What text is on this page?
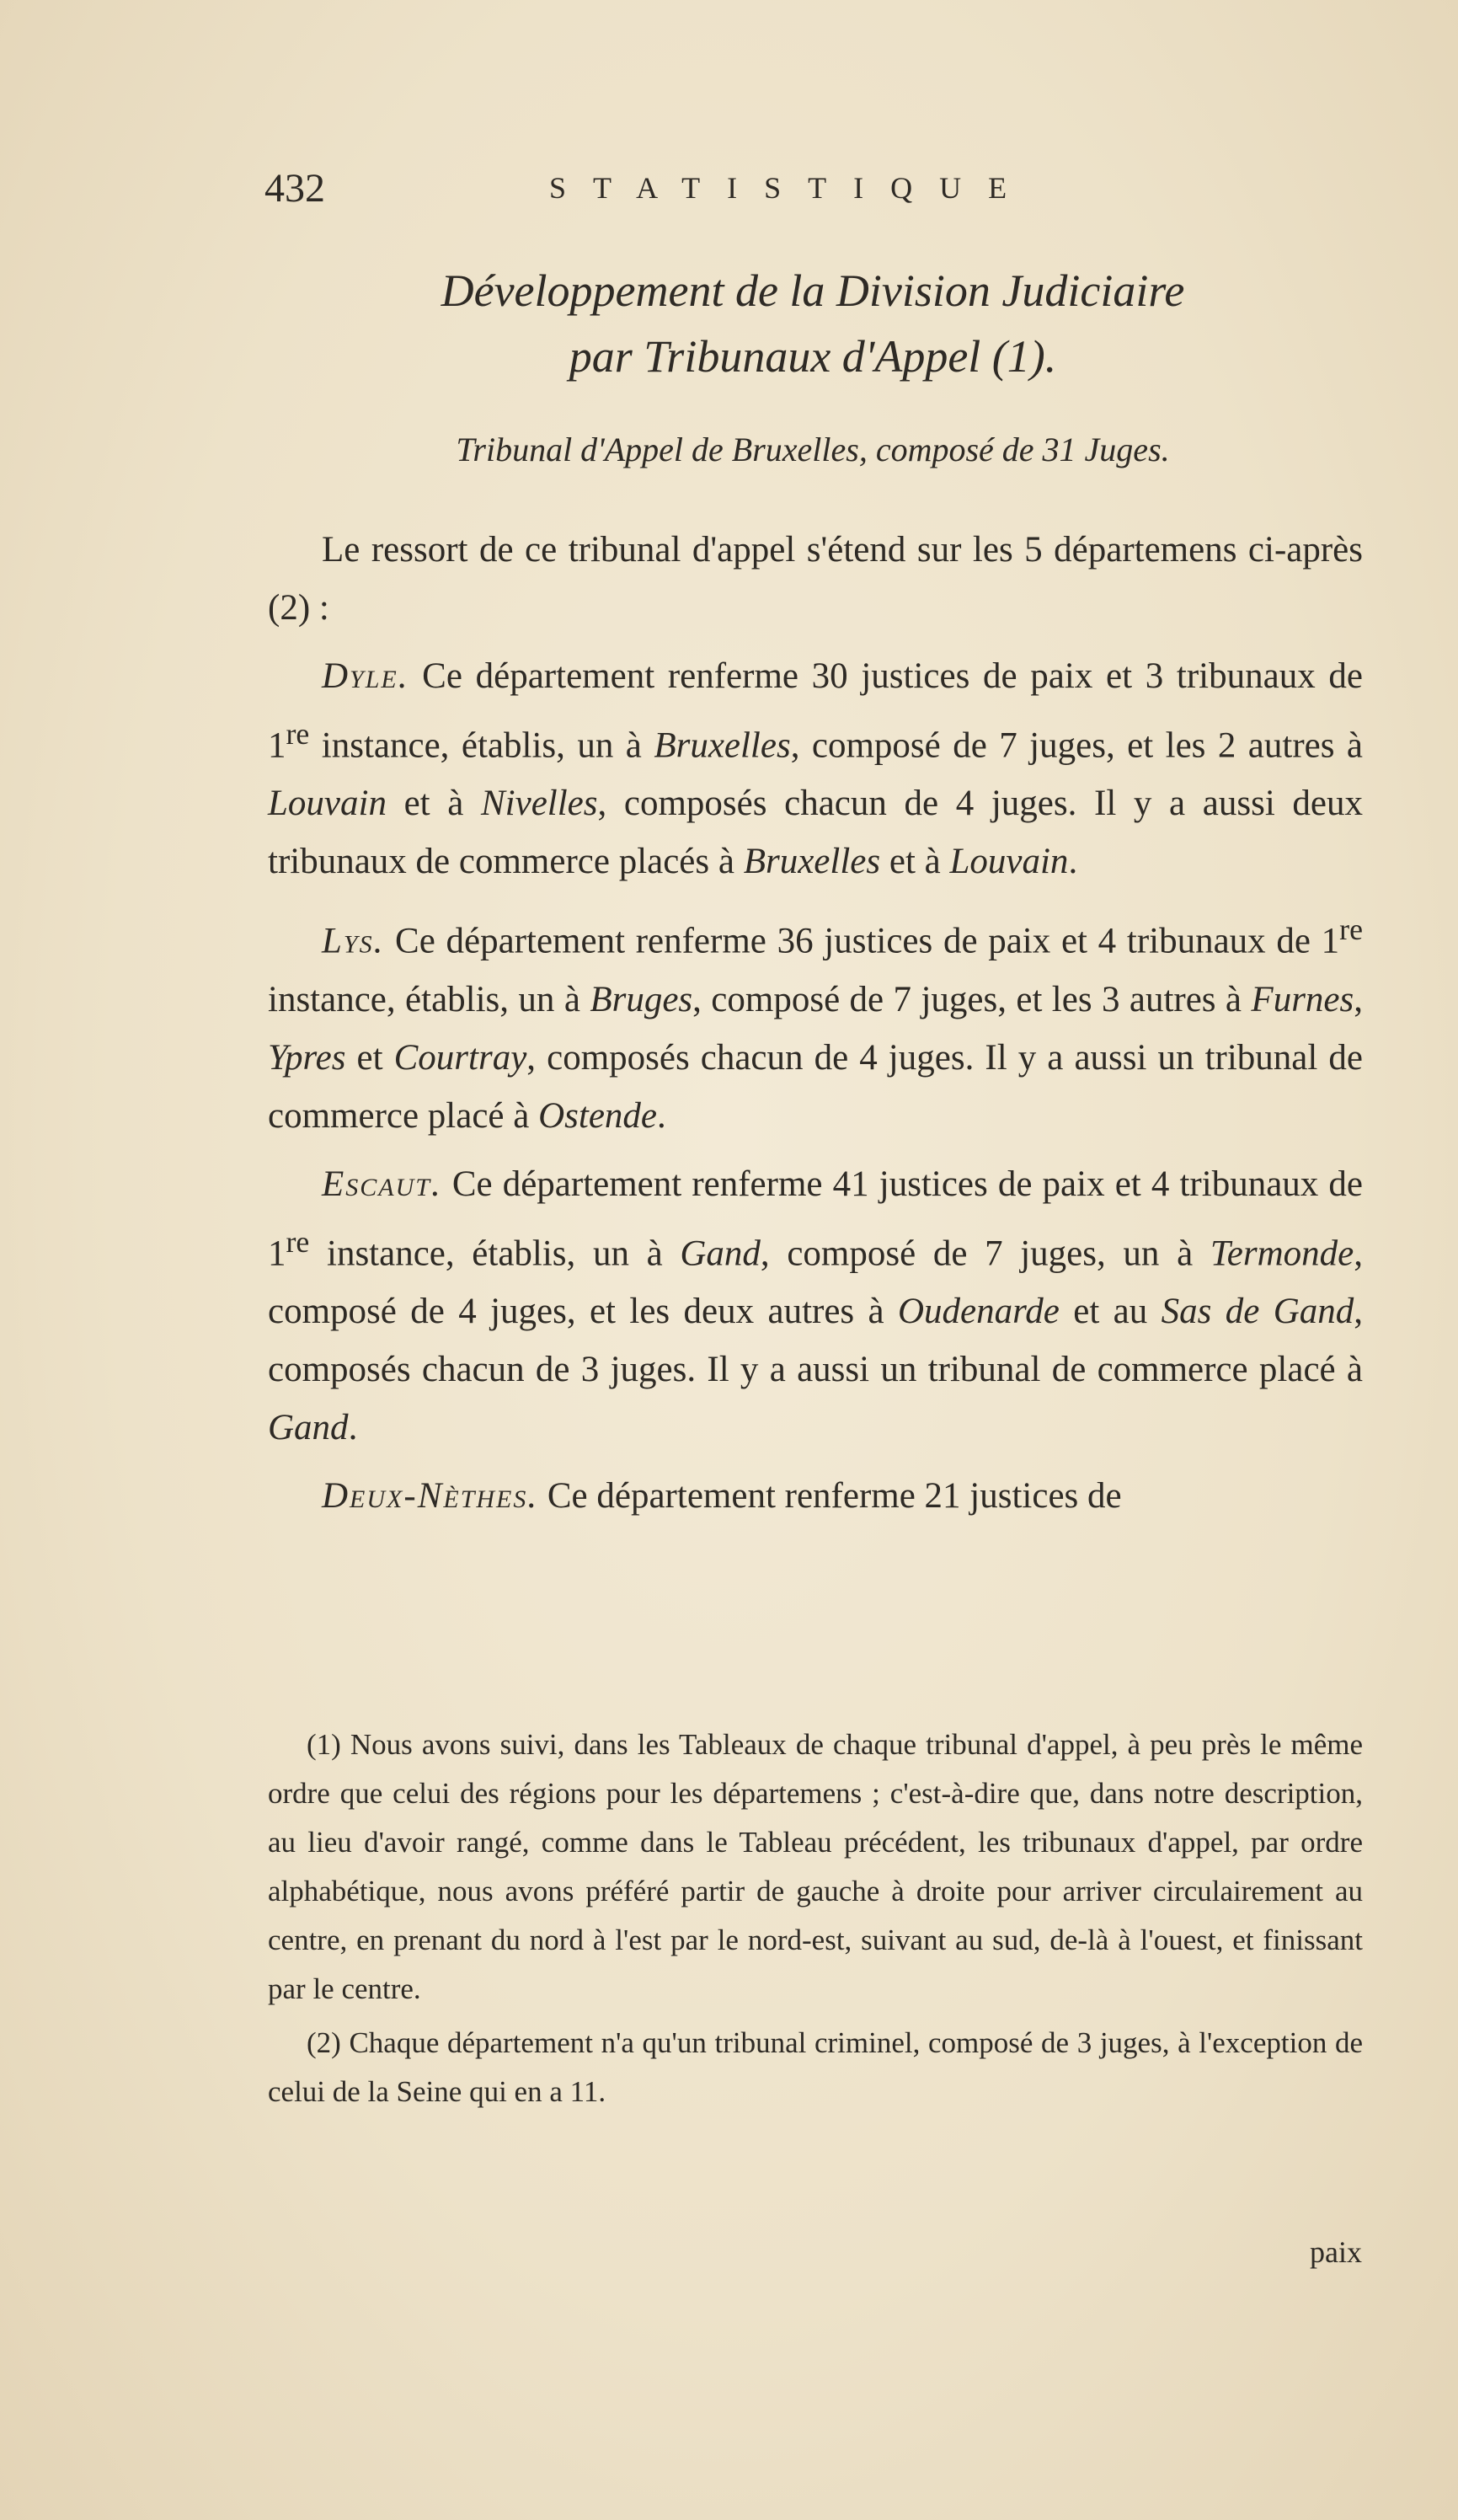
432	STATISTIQUE
Développement de la Division Judiciaire
par Tribunaux d'Appel (1).
Tribunal d'Appel de Bruxelles, composé de 31 Juges.

Le ressort de ce tribunal d'appel s'étend sur les 5 départemens ci-après (2) :

Dyle. Ce département renferme 30 justices de paix et 3 tribunaux de 1re instance, établis, un à Bruxelles, composé de 7 juges, et les 2 autres à Louvain et à Nivelles, composés chacun de 4 juges. Il y a aussi deux tribunaux de commerce placés à Bruxelles et à Louvain.

Lys. Ce département renferme 36 justices de paix et 4 tribunaux de 1re instance, établis, un à Bruges, composé de 7 juges, et les 3 autres à Furnes, Ypres et Courtray, composés chacun de 4 juges. Il y a aussi un tribunal de commerce placé à Ostende.

Escaut. Ce département renferme 41 justices de paix et 4 tribunaux de 1re instance, établis, un à Gand, composé de 7 juges, un à Termonde, composé de 4 juges, et les deux autres à Oudenarde et au Sas de Gand, composés chacun de 3 juges. Il y a aussi un tribunal de commerce placé à Gand.

Deux-Nèthes. Ce département renferme 21 justices de

(1) Nous avons suivi, dans les Tableaux de chaque tribunal d'appel, à peu près le même ordre que celui des régions pour les départemens ; c'est-à-dire que, dans notre description, au lieu d'avoir rangé, comme dans le Tableau précédent, les tribunaux d'appel, par ordre alphabétique, nous avons préféré partir de gauche à droite pour arriver circulairement au centre, en prenant du nord à l'est par le nord-est, suivant au sud, de-là à l'ouest, et finissant par le centre.

(2) Chaque département n'a qu'un tribunal criminel, composé de 3 juges, à l'exception de celui de la Seine qui en a 11.

paix
